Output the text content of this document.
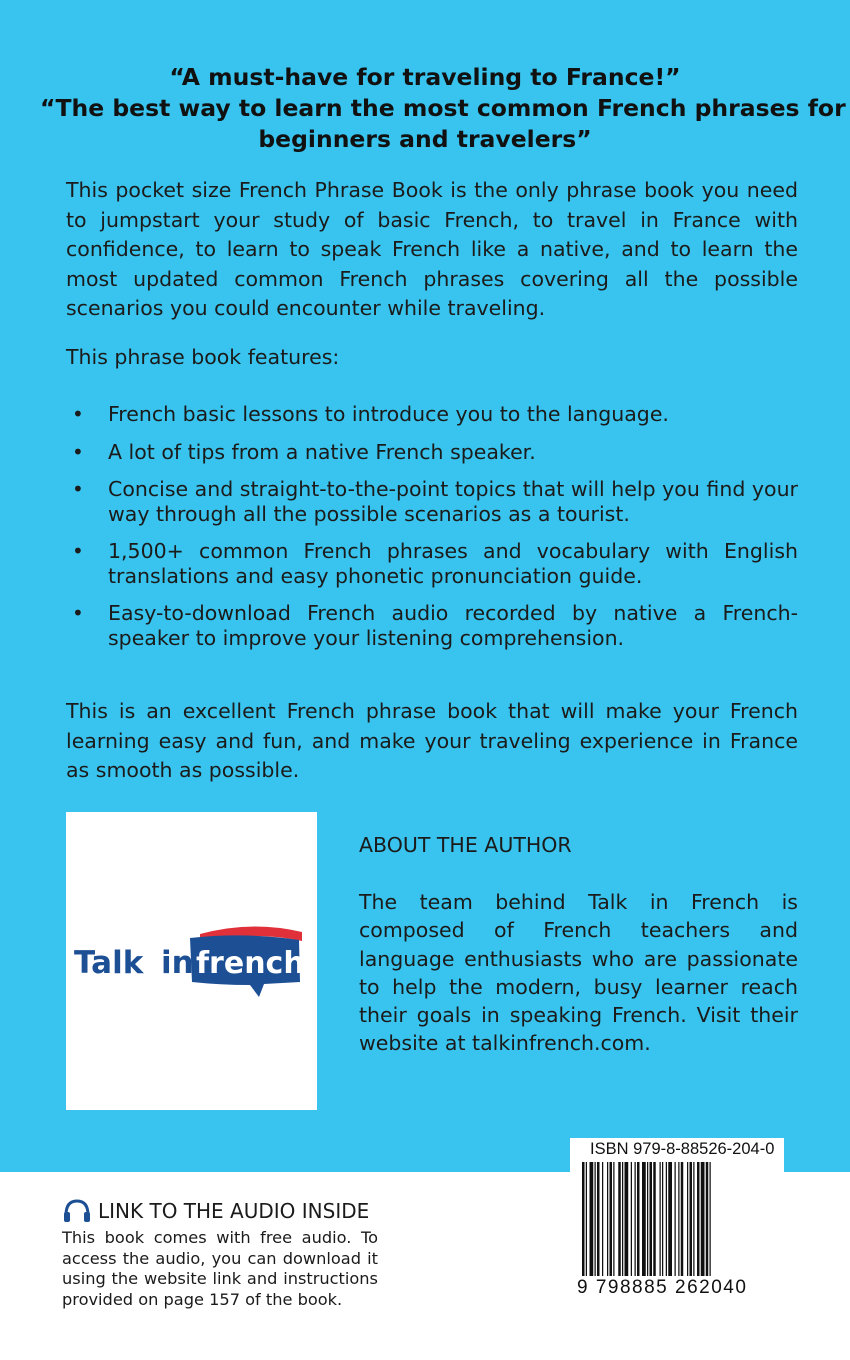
“A must-have for traveling to France!”
“The best way to learn the most common French phrases for
beginners and travelers”

This pocket size French Phrase Book is the only phrase book you need to jumpstart your study of basic French, to travel in France with confidence, to learn to speak French like a native, and to learn the most updated common French phrases covering all the possible scenarios you could encounter while traveling.

This phrase book features:

• French basic lessons to introduce you to the language.
• A lot of tips from a native French speaker.
• Concise and straight-to-the-point topics that will help you find your way through all the possible scenarios as a tourist.
• 1,500+ common French phrases and vocabulary with English translations and easy phonetic pronunciation guide.
• Easy-to-download French audio recorded by native a French-speaker to improve your listening comprehension.

This is an excellent French phrase book that will make your French learning easy and fun, and make your traveling experience in France as smooth as possible.

Talk in french
ABOUT THE AUTHOR

The team behind Talk in French is composed of French teachers and language enthusiasts who are passionate to help the modern, busy learner reach their goals in speaking French. Visit their website at talkinfrench.com.

ISBN 979-8-88526-204-0
9 798885 262040
LINK TO THE AUDIO INSIDE

This book comes with free audio. To access the audio, you can download it using the website link and instructions provided on page 157 of the book.
